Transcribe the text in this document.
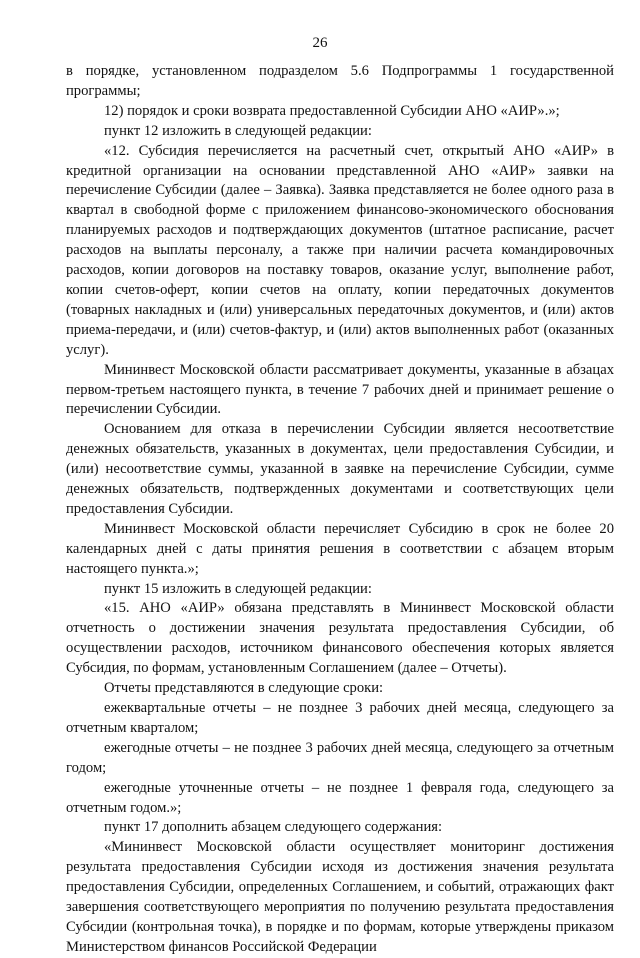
26

в порядке, установленном подразделом 5.6 Подпрограммы 1 государственной программы;

12) порядок и сроки возврата предоставленной Субсидии АНО «АИР».»;

пункт 12 изложить в следующей редакции:

«12. Субсидия перечисляется на расчетный счет, открытый АНО «АИР» в кредитной организации на основании представленной АНО «АИР» заявки на перечисление Субсидии (далее – Заявка). Заявка представляется не более одного раза в квартал в свободной форме с приложением финансово-экономического обоснования планируемых расходов и подтверждающих документов (штатное расписание, расчет расходов на выплаты персоналу, а также при наличии расчета командировочных расходов, копии договоров на поставку товаров, оказание услуг, выполнение работ, копии счетов-оферт, копии счетов на оплату, копии передаточных документов (товарных накладных и (или) универсальных передаточных документов, и (или) актов приема-передачи, и (или) счетов-фактур, и (или) актов выполненных работ (оказанных услуг).

Мининвест Московской области рассматривает документы, указанные в абзацах первом-третьем настоящего пункта, в течение 7 рабочих дней и принимает решение о перечислении Субсидии.

Основанием для отказа в перечислении Субсидии является несоответствие денежных обязательств, указанных в документах, цели предоставления Субсидии, и (или) несоответствие суммы, указанной в заявке на перечисление Субсидии, сумме денежных обязательств, подтвержденных документами и соответствующих цели предоставления Субсидии.

Мининвест Московской области перечисляет Субсидию в срок не более 20 календарных дней с даты принятия решения в соответствии с абзацем вторым настоящего пункта.»;

пункт 15 изложить в следующей редакции:

«15. АНО «АИР» обязана представлять в Мининвест Московской области отчетность о достижении значения результата предоставления Субсидии, об осуществлении расходов, источником финансового обеспечения которых является Субсидия, по формам, установленным Соглашением (далее – Отчеты).

Отчеты представляются в следующие сроки:

ежеквартальные отчеты – не позднее 3 рабочих дней месяца, следующего за отчетным кварталом;

ежегодные отчеты – не позднее 3 рабочих дней месяца, следующего за отчетным годом;

ежегодные уточненные отчеты – не позднее 1 февраля года, следующего за отчетным годом.»;

пункт 17 дополнить абзацем следующего содержания:

«Мининвест Московской области осуществляет мониторинг достижения результата предоставления Субсидии исходя из достижения значения результата предоставления Субсидии, определенных Соглашением, и событий, отражающих факт завершения соответствующего мероприятия по получению результата предоставления Субсидии (контрольная точка), в порядке и по формам, которые утверждены приказом Министерством финансов Российской Федерации
